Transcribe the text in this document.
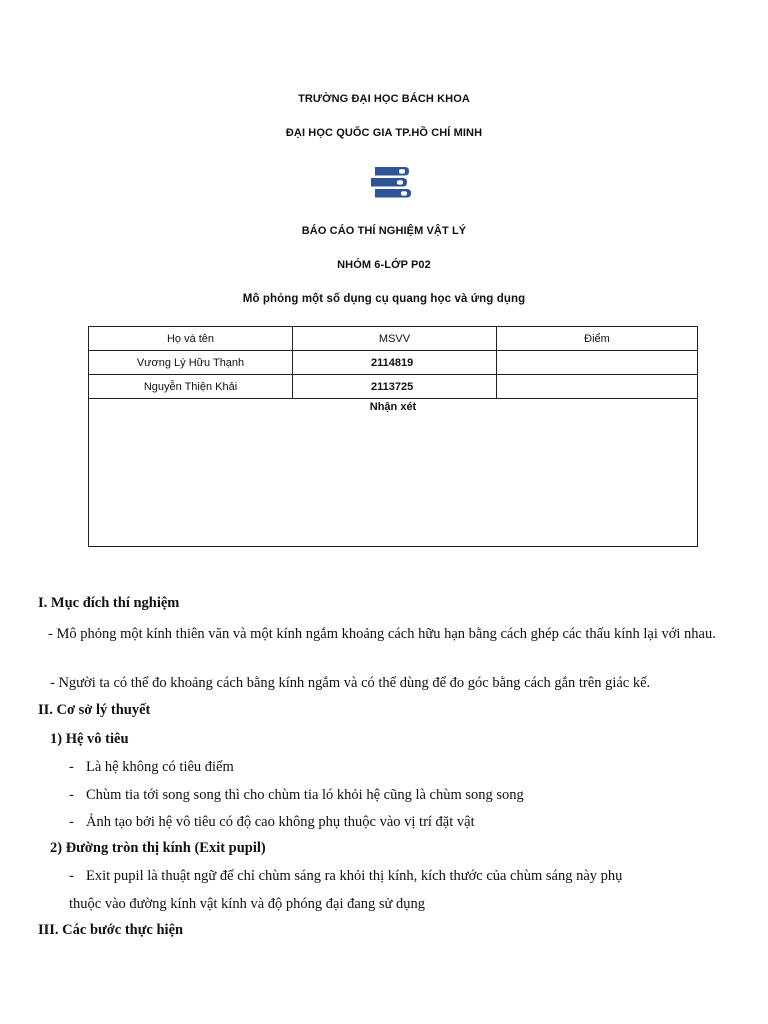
TRƯỜNG ĐẠI HỌC BÁCH KHOA
ĐẠI HỌC QUỐC GIA TP.HỒ CHÍ MINH
BÁO CÁO THÍ NGHIỆM VẬT LÝ
NHÓM 6-LỚP P02
Mô phỏng một số dụng cụ quang học và ứng dụng
Họ và tên	MSVV	Điểm
Vương Lý Hữu Thạnh	2114819	
Nguyễn Thiện Khải	2113725	
Nhận xét		
I. Mục đích thí nghiệm
- Mô phỏng một kính thiên văn và một kính ngắm khoảng cách hữu hạn bằng cách ghép các thấu kính lại với nhau.
- Người ta có thể đo khoảng cách bằng kính ngắm và có thể dùng để đo góc bằng cách gắn trên giác kế.
II. Cơ sở lý thuyết
1) Hệ vô tiêu
- Là hệ không có tiêu điểm
- Chùm tia tới song song thì cho chùm tia ló khỏi hệ cũng là chùm song song
- Ảnh tạo bởi hệ vô tiêu có độ cao không phụ thuộc vào vị trí đặt vật
2) Đường tròn thị kính (Exit pupil)
- Exit pupil là thuật ngữ để chỉ chùm sáng ra khỏi thị kính, kích thước của chùm sáng này phụ
thuộc vào đường kính vật kính và độ phóng đại đang sử dụng
III. Các bước thực hiện
